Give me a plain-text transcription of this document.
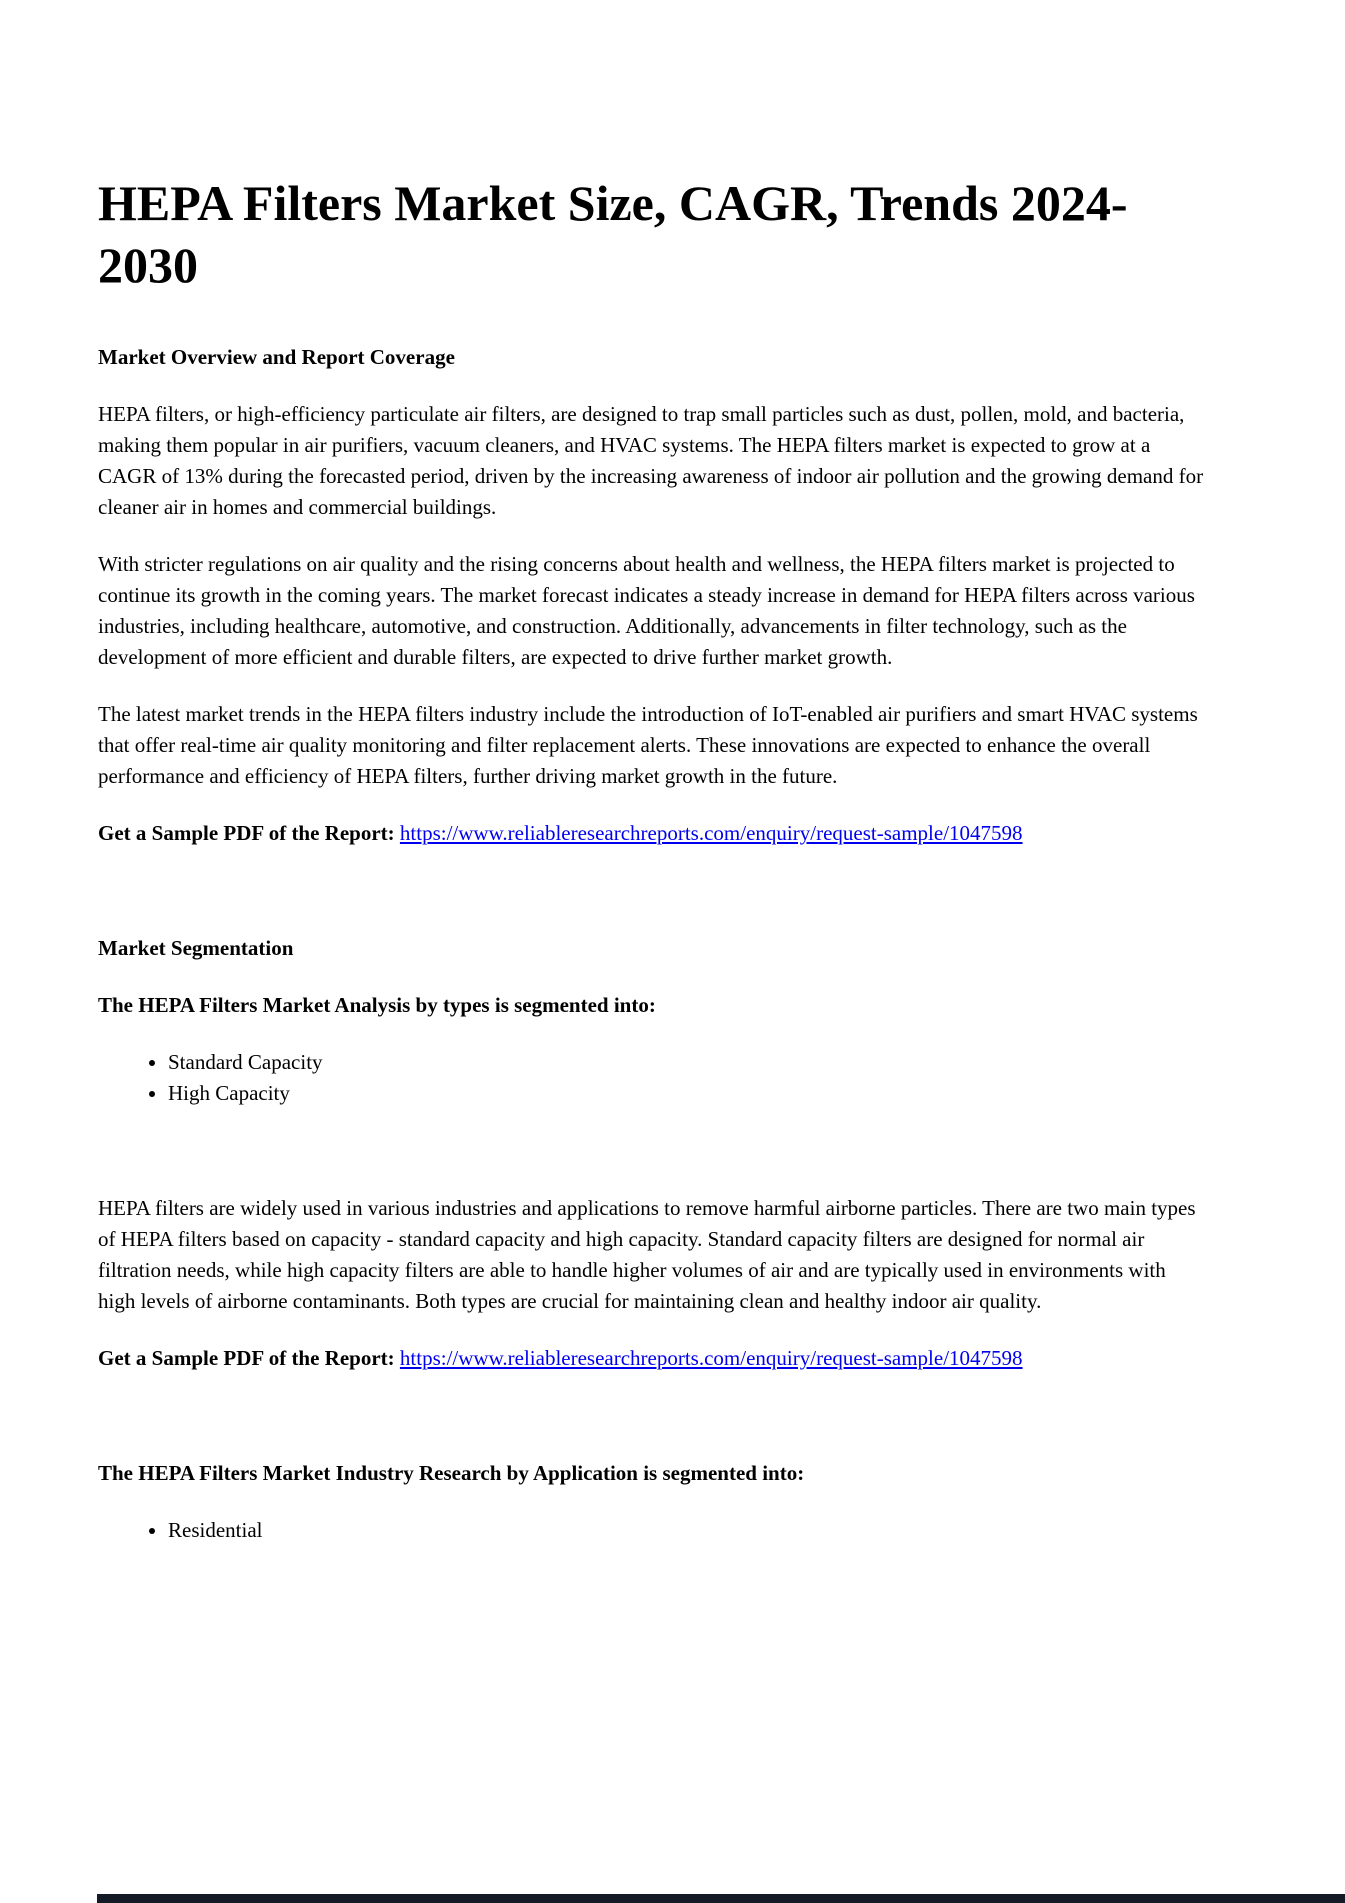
HEPA Filters Market Size, CAGR, Trends 2024-2030

Market Overview and Report Coverage

HEPA filters, or high-efficiency particulate air filters, are designed to trap small particles such as dust, pollen, mold, and bacteria, making them popular in air purifiers, vacuum cleaners, and HVAC systems. The HEPA filters market is expected to grow at a CAGR of 13% during the forecasted period, driven by the increasing awareness of indoor air pollution and the growing demand for cleaner air in homes and commercial buildings.

With stricter regulations on air quality and the rising concerns about health and wellness, the HEPA filters market is projected to continue its growth in the coming years. The market forecast indicates a steady increase in demand for HEPA filters across various industries, including healthcare, automotive, and construction. Additionally, advancements in filter technology, such as the development of more efficient and durable filters, are expected to drive further market growth.

The latest market trends in the HEPA filters industry include the introduction of IoT-enabled air purifiers and smart HVAC systems that offer real-time air quality monitoring and filter replacement alerts. These innovations are expected to enhance the overall performance and efficiency of HEPA filters, further driving market growth in the future.

Get a Sample PDF of the Report: https://www.reliableresearchreports.com/enquiry/request-sample/1047598

Market Segmentation

The HEPA Filters Market Analysis by types is segmented into:

• Standard Capacity
• High Capacity

HEPA filters are widely used in various industries and applications to remove harmful airborne particles. There are two main types of HEPA filters based on capacity - standard capacity and high capacity. Standard capacity filters are designed for normal air filtration needs, while high capacity filters are able to handle higher volumes of air and are typically used in environments with high levels of airborne contaminants. Both types are crucial for maintaining clean and healthy indoor air quality.

Get a Sample PDF of the Report: https://www.reliableresearchreports.com/enquiry/request-sample/1047598

The HEPA Filters Market Industry Research by Application is segmented into:

• Residential
